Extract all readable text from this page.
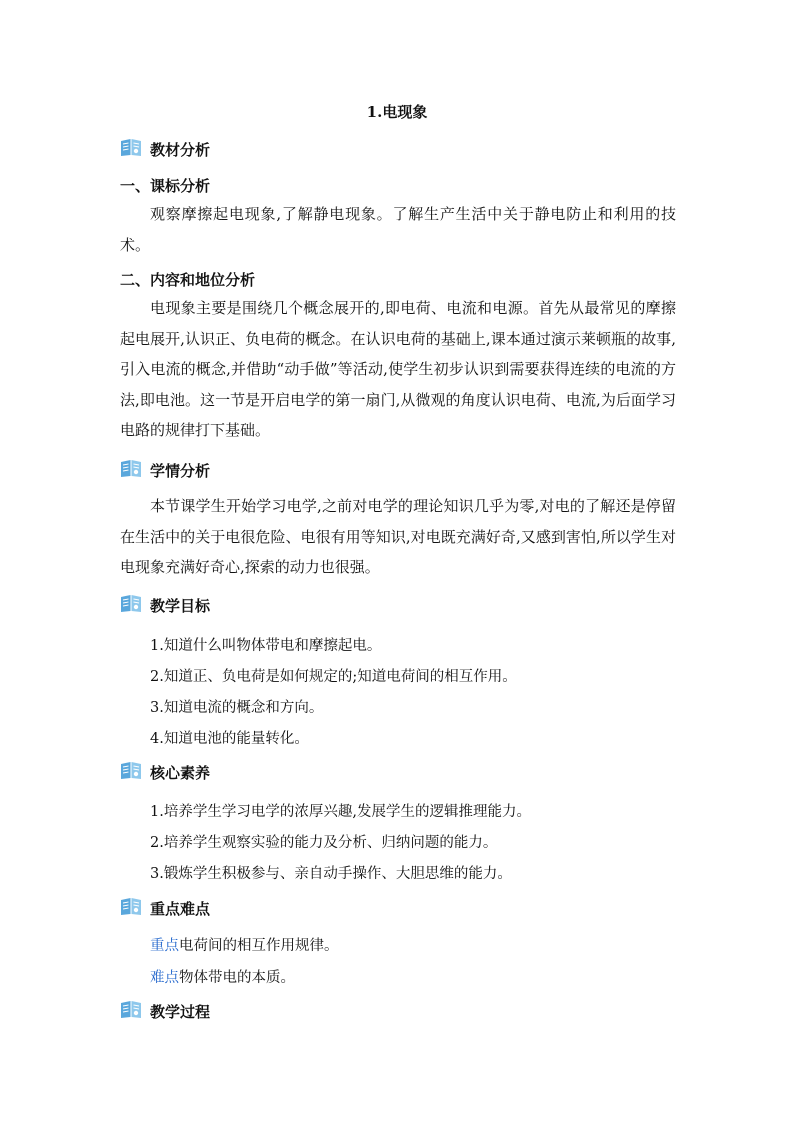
1.电现象
教材分析
一、课标分析
观察摩擦起电现象,了解静电现象。了解生产生活中关于静电防止和利用的技术。
二、内容和地位分析
电现象主要是围绕几个概念展开的,即电荷、电流和电源。首先从最常见的摩擦起电展开,认识正、负电荷的概念。在认识电荷的基础上,课本通过演示莱顿瓶的故事,引入电流的概念,并借助“动手做”等活动,使学生初步认识到需要获得连续的电流的方法,即电池。这一节是开启电学的第一扇门,从微观的角度认识电荷、电流,为后面学习电路的规律打下基础。
学情分析
本节课学生开始学习电学,之前对电学的理论知识几乎为零,对电的了解还是停留在生活中的关于电很危险、电很有用等知识,对电既充满好奇,又感到害怕,所以学生对电现象充满好奇心,探索的动力也很强。
教学目标
1.知道什么叫物体带电和摩擦起电。
2.知道正、负电荷是如何规定的;知道电荷间的相互作用。
3.知道电流的概念和方向。
4.知道电池的能量转化。
核心素养
1.培养学生学习电学的浓厚兴趣,发展学生的逻辑推理能力。
2.培养学生观察实验的能力及分析、归纳问题的能力。
3.锻炼学生积极参与、亲自动手操作、大胆思维的能力。
重点难点
重点电荷间的相互作用规律。
难点物体带电的本质。
教学过程
